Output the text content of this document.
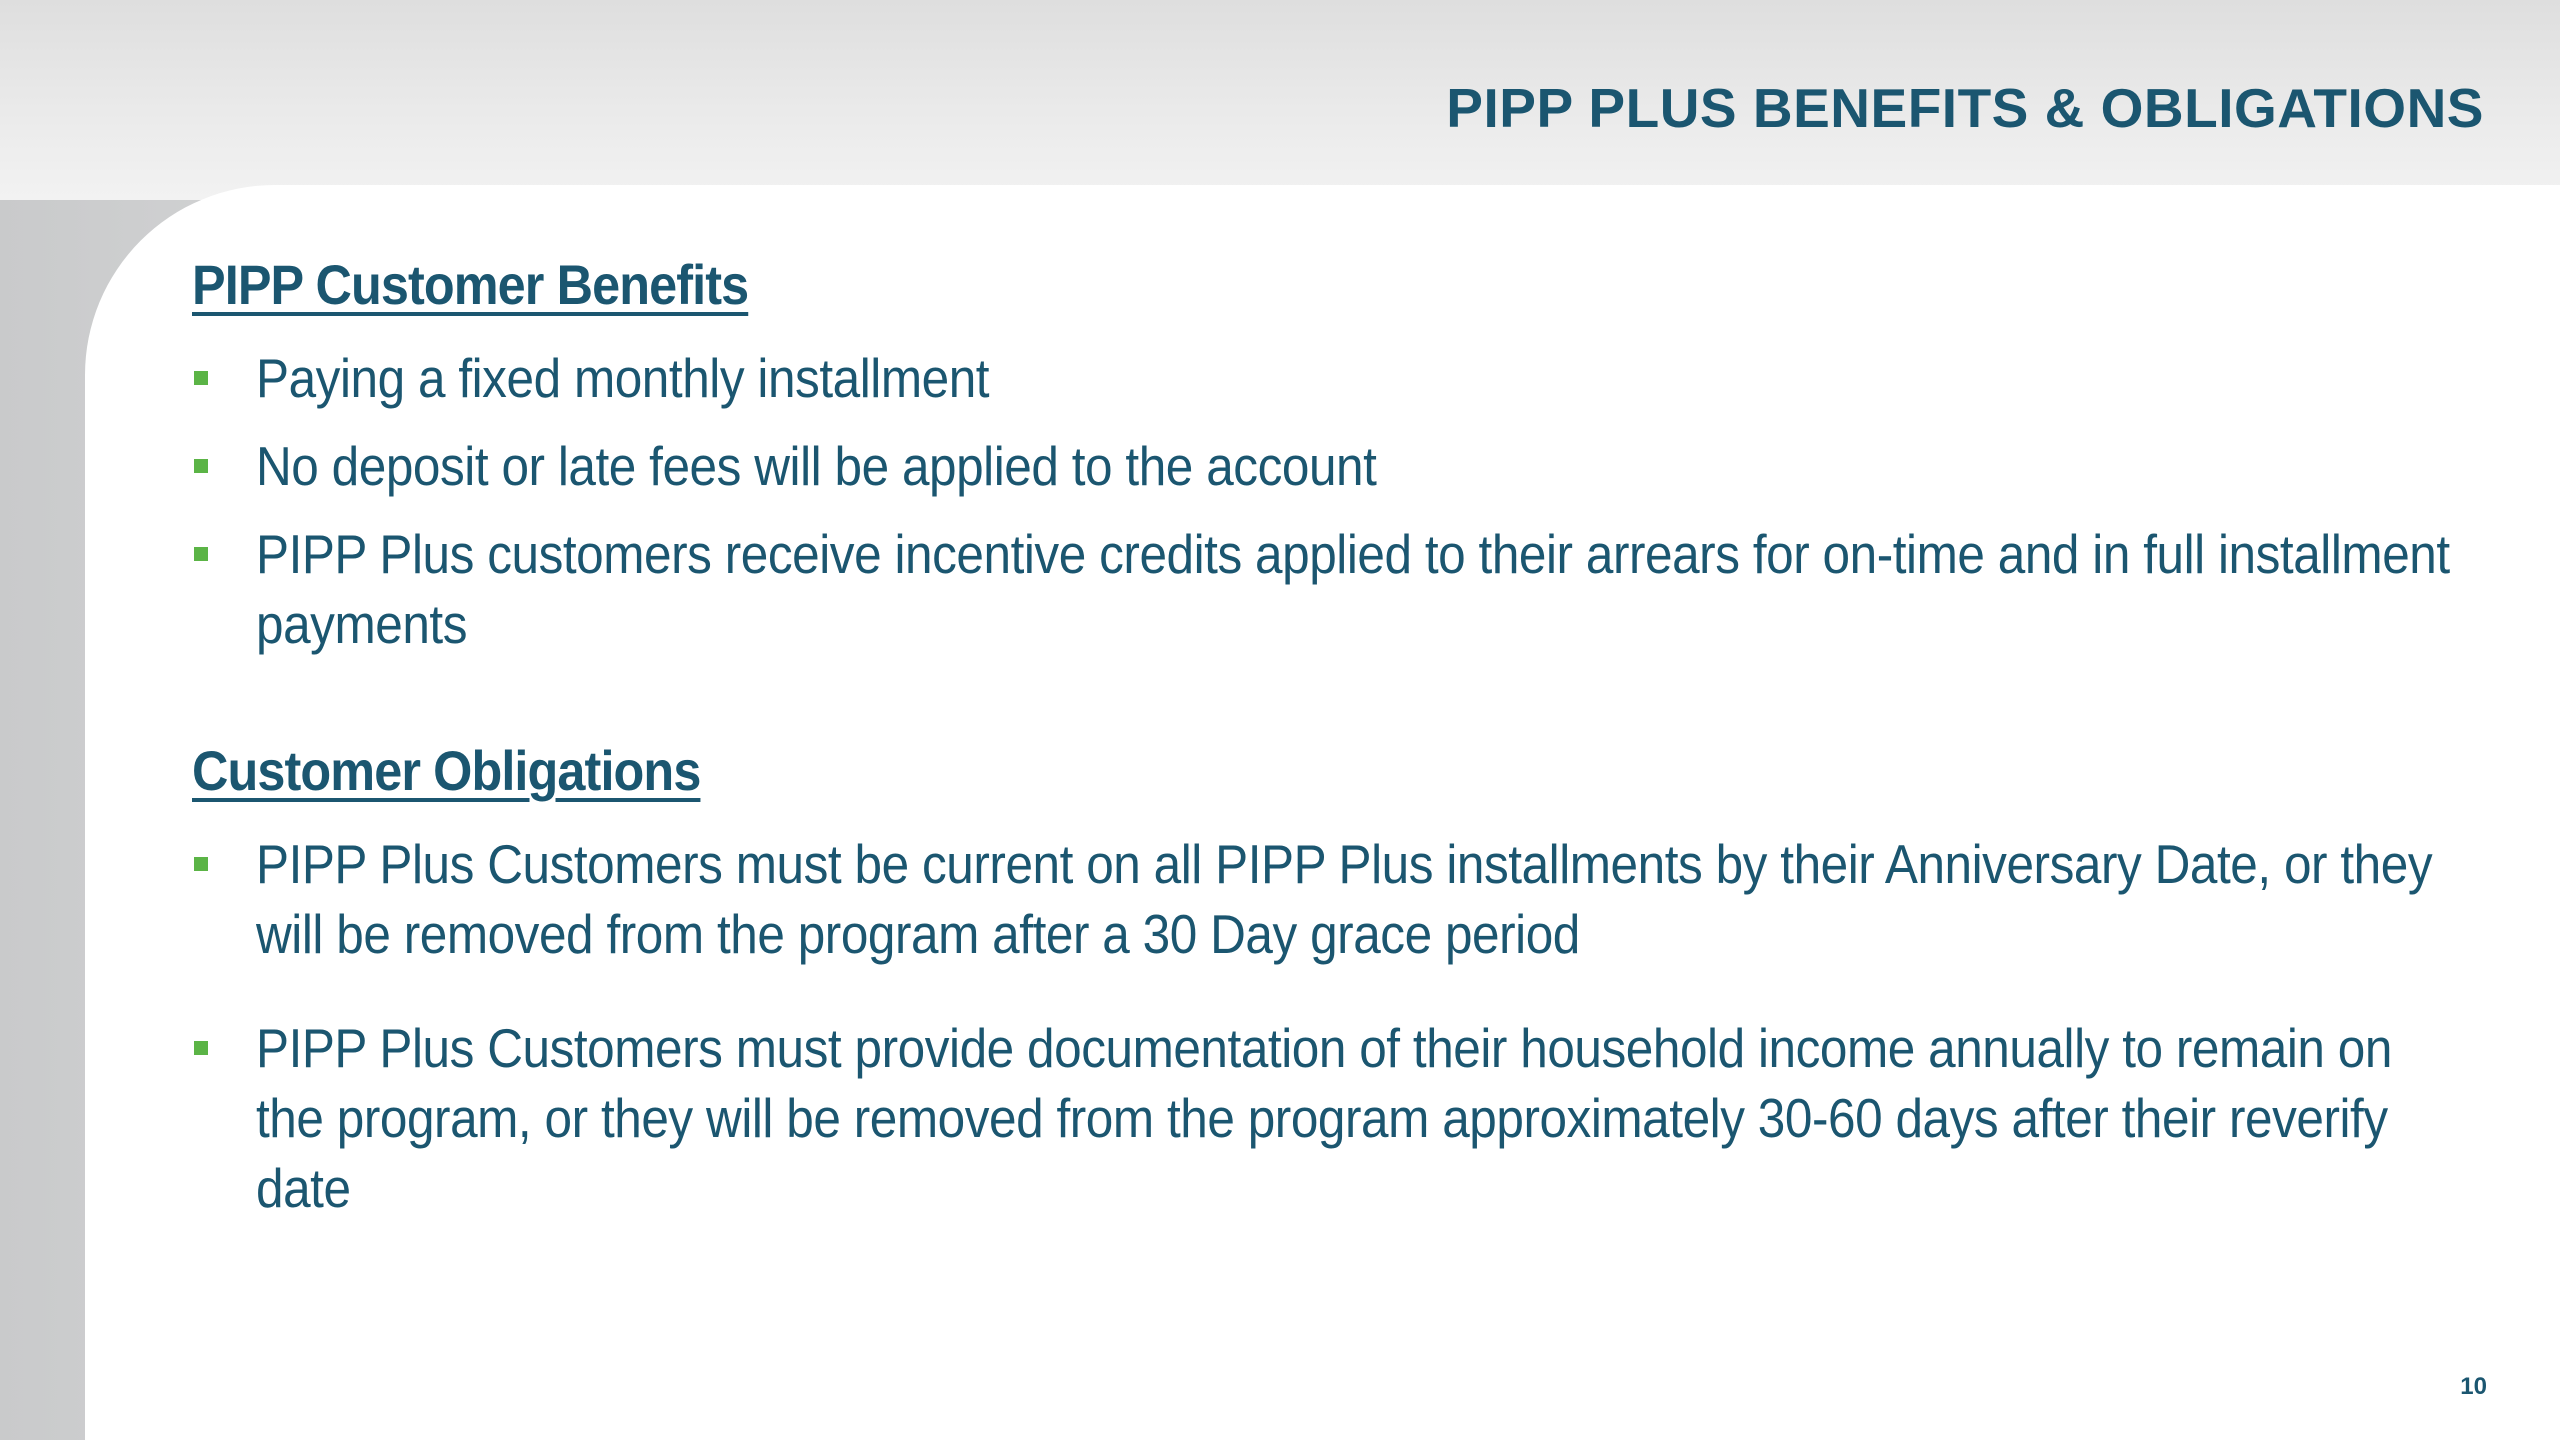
PIPP PLUS BENEFITS & OBLIGATIONS
PIPP Customer Benefits
Paying a fixed monthly installment
No deposit or late fees will be applied to the account
PIPP Plus customers receive incentive credits applied to their arrears for on-time and in full installment payments
Customer Obligations
PIPP Plus Customers must be current on all PIPP Plus installments by their Anniversary Date, or they will be removed from the program after a 30 Day grace period
PIPP Plus Customers must provide documentation of their household income annually to remain on the program, or they will be removed from the program approximately 30-60 days after their reverify date
10
